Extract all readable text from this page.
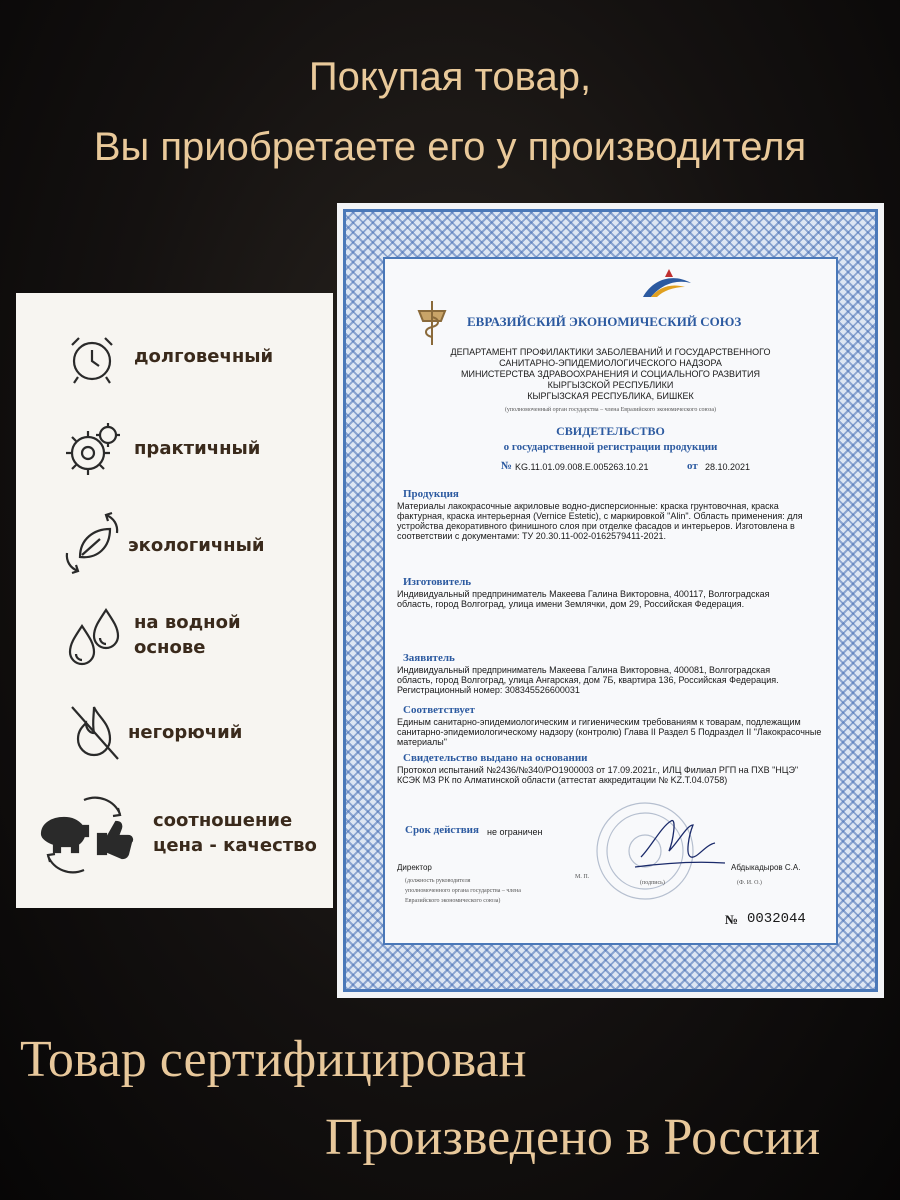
Покупая товар,
Вы приобретаете его у производителя
долговечный
практичный
экологичный
на водной
основе
негорючий
соотношение
цена - качество
ЕВРАЗИЙСКИЙ ЭКОНОМИЧЕСКИЙ СОЮЗ
ДЕПАРТАМЕНТ ПРОФИЛАКТИКИ ЗАБОЛЕВАНИЙ И ГОСУДАРСТВЕННОГО
САНИТАРНО-ЭПИДЕМИОЛОГИЧЕСКОГО НАДЗОРА
МИНИСТЕРСТВА ЗДРАВООХРАНЕНИЯ И СОЦИАЛЬНОГО РАЗВИТИЯ
КЫРГЫЗСКОЙ РЕСПУБЛИКИ
КЫРГЫЗСКАЯ РЕСПУБЛИКА, БИШКЕК
(уполномоченный орган государства – члена Евразийского экономического союза)
СВИДЕТЕЛЬСТВО
о государственной регистрации продукции
№ KG.11.01.09.008.Е.005263.10.21	от 28.10.2021
Продукция
Материалы лакокрасочные акриловые водно-дисперсионные: краска грунтовочная, краска фактурная, краска интерьерная (Vernice Estetic), с маркировкой "Alin". Область применения: для устройства декоративного финишного слоя при отделке фасадов и интерьеров. Изготовлена в соответствии с документами: ТУ 20.30.11-002-0162579411-2021.
Изготовитель
Индивидуальный предприниматель Макеева Галина Викторовна, 400117, Волгоградская область, город Волгоград, улица имени Землячки, дом 29, Российская Федерация.
Заявитель
Индивидуальный предприниматель Макеева Галина Викторовна, 400081, Волгоградская область, город Волгоград, улица Ангарская, дом 7Б, квартира 136, Российская Федерация. Регистрационный номер: 308345526600031
Соответствует
Единым санитарно-эпидемиологическим и гигиеническим требованиям к товарам, подлежащим санитарно-эпидемиологическому надзору (контролю) Глава II Раздел 5 Подраздел II "Лакокрасочные материалы"
Свидетельство выдано на основании
Протокол испытаний №2436/№340/PO1900003 от 17.09.2021г., ИЛЦ Филиал РГП на ПХВ "НЦЭ" КСЭК МЗ РК по Алматинской области (аттестат аккредитации № KZ.T.04.0758)
Срок действия не ограничен
Директор	Абдыкадыров С.А.
М. П.
(подпись)	(Ф. И. О.)
(должность руководителя
уполномоченного органа государства – члена
Евразийского экономического союза)
№ 0032044
Товар сертифицирован
Произведено в России
